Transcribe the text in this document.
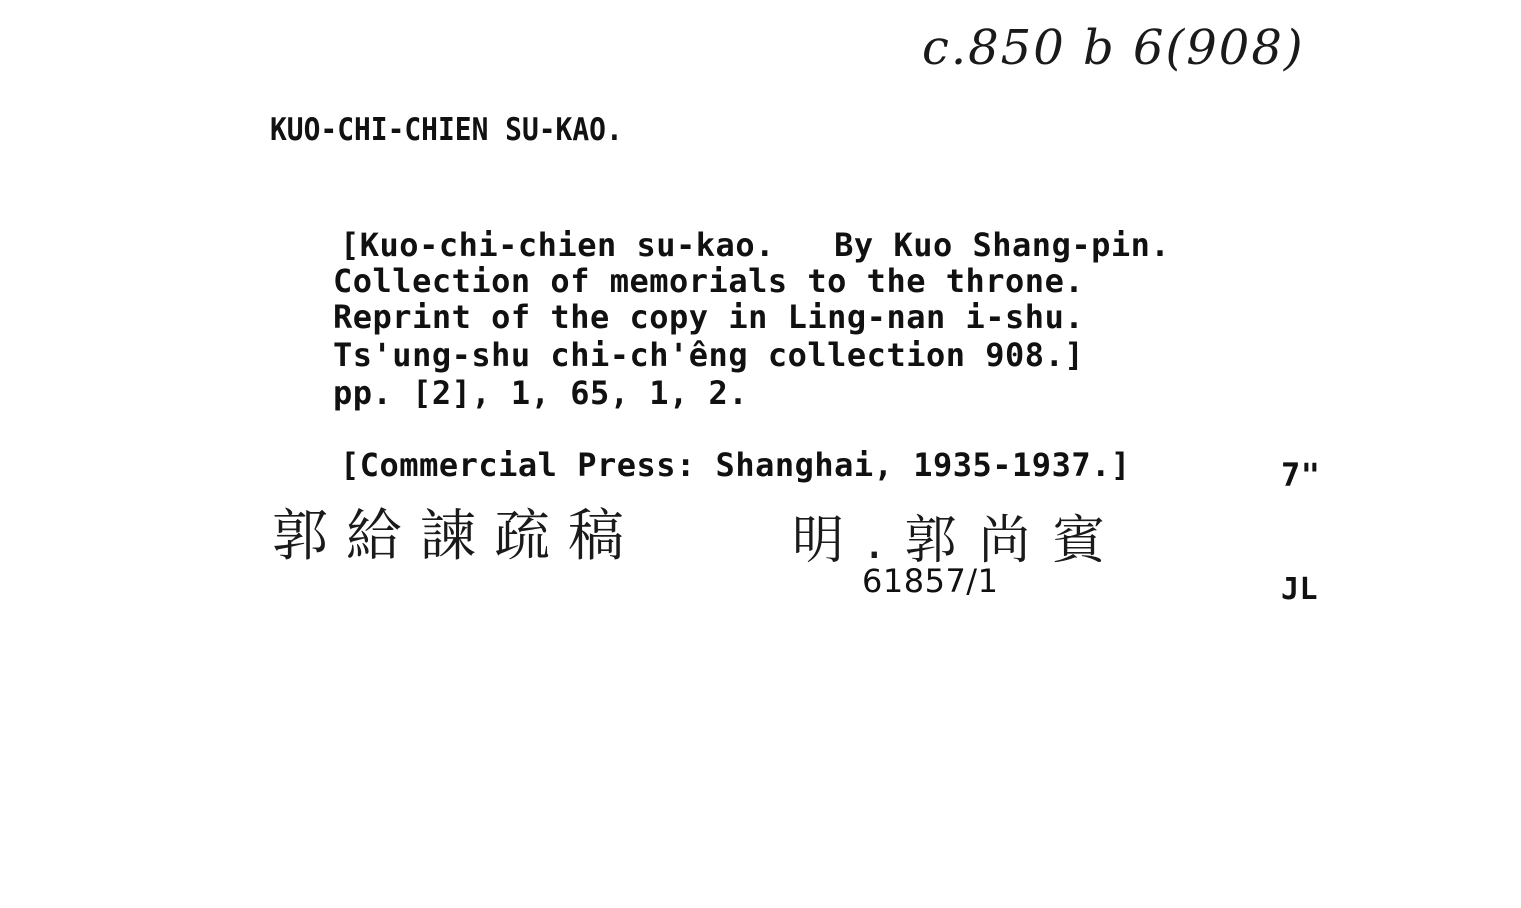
c.850 b 6(908)
KUO-CHI-CHIEN SU-KAO.
[Kuo-chi-chien su-kao.   By Kuo Shang-pin.
Collection of memorials to the throne.
Reprint of the copy in Ling-nan i-shu.
Ts'ung-shu chi-ch'êng collection 908.]
pp. [2], 1, 65, 1, 2.
[Commercial Press: Shanghai, 1935-1937.]	7"
郭給諫疏稿	明.郭尚賓
61857/1	JL
